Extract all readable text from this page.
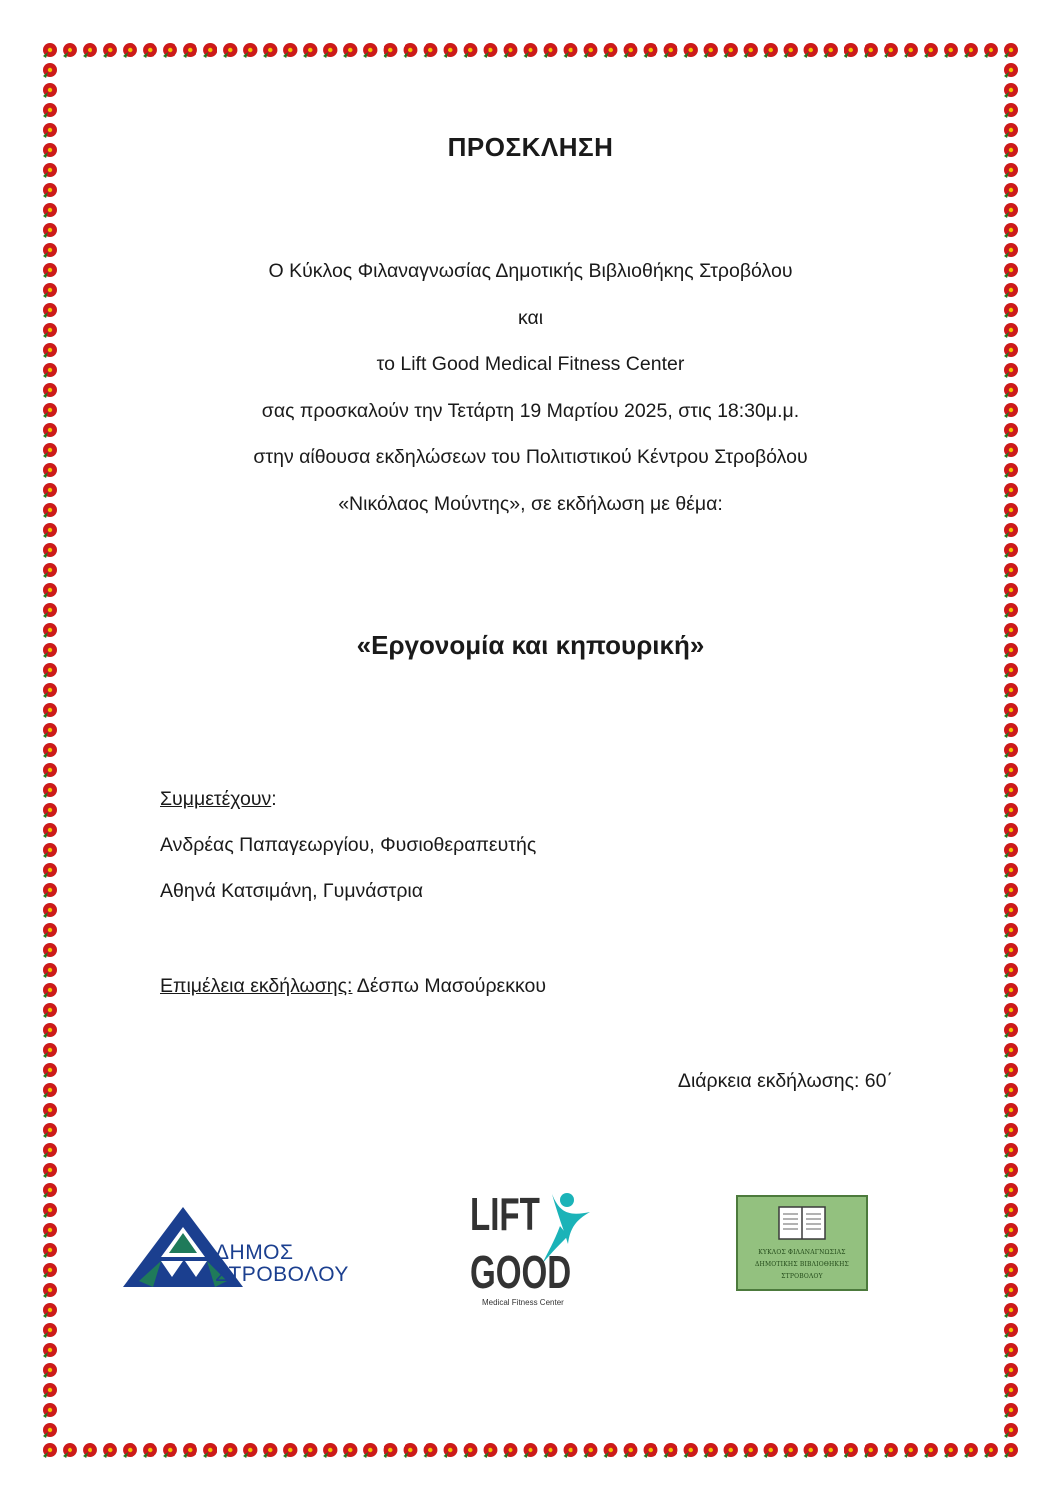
ΠΡΟΣΚΛΗΣΗ
Ο Κύκλος Φιλαναγνωσίας Δημοτικής Βιβλιοθήκης Στροβόλου
και
το Lift Good Medical Fitness Center
σας προσκαλούν την Τετάρτη 19 Μαρτίου 2025, στις 18:30μ.μ.
στην αίθουσα εκδηλώσεων του Πολιτιστικού Κέντρου Στροβόλου
«Νικόλαος Μούντης», σε εκδήλωση με θέμα:
«Εργονομία και κηπουρική»
Συμμετέχουν:
Ανδρέας Παπαγεωργίου, Φυσιοθεραπευτής
Αθηνά Κατσιμάνη, Γυμνάστρια
Επιμέλεια εκδήλωσης: Δέσπω Μασούρεκκου
Διάρκεια εκδήλωσης: 60΄
ΔΗΜΟΣ
ΣΤΡΟΒΟΛΟΥ
LIFT
GOOD
Medical Fitness Center
ΚΥΚΛΟΣ ΦΙΛΑΝΑΓΝΩΣΙΑΣ
ΔΗΜΟΤΙΚΗΣ ΒΙΒΛΙΟΘΗΚΗΣ
ΣΤΡΟΒΟΛΟΥ
